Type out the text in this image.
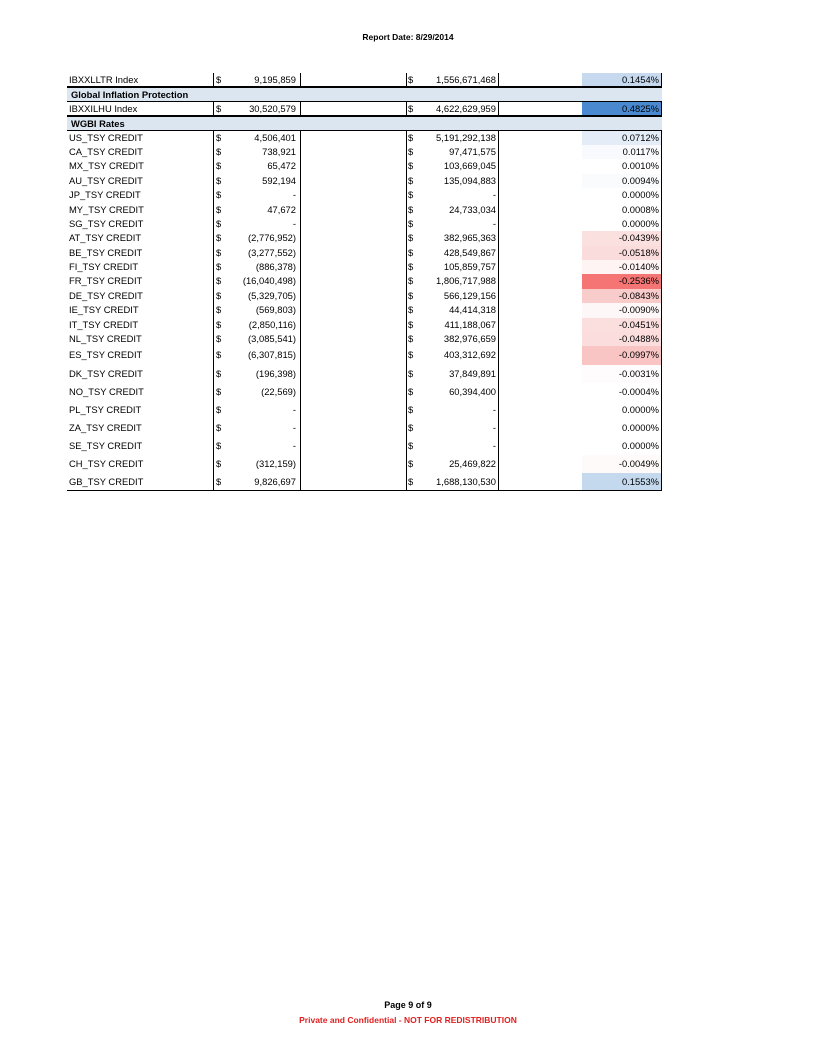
Report Date: 8/29/2014
IBXXLLTR Index	$	9,195,859	$	1,556,671,468	0.1454%
Global Inflation Protection
IBXXILHU Index	$	30,520,579	$	4,622,629,959	0.4825%
WGBI Rates
US_TSY CREDIT	$	4,506,401	$	5,191,292,138	0.0712%
CA_TSY CREDIT	$	738,921	$	97,471,575	0.0117%
MX_TSY CREDIT	$	65,472	$	103,669,045	0.0010%
AU_TSY CREDIT	$	592,194	$	135,094,883	0.0094%
JP_TSY CREDIT	$	-	$	-	0.0000%
MY_TSY CREDIT	$	47,672	$	24,733,034	0.0008%
SG_TSY CREDIT	$	-	$	-	0.0000%
AT_TSY CREDIT	$	(2,776,952)	$	382,965,363	-0.0439%
BE_TSY CREDIT	$	(3,277,552)	$	428,549,867	-0.0518%
FI_TSY CREDIT	$	(886,378)	$	105,859,757	-0.0140%
FR_TSY CREDIT	$	(16,040,498)	$	1,806,717,988	-0.2536%
DE_TSY CREDIT	$	(5,329,705)	$	566,129,156	-0.0843%
IE_TSY CREDIT	$	(569,803)	$	44,414,318	-0.0090%
IT_TSY CREDIT	$	(2,850,116)	$	411,188,067	-0.0451%
NL_TSY CREDIT	$	(3,085,541)	$	382,976,659	-0.0488%
ES_TSY CREDIT	$	(6,307,815)	$	403,312,692	-0.0997%
DK_TSY CREDIT	$	(196,398)	$	37,849,891	-0.0031%
NO_TSY CREDIT	$	(22,569)	$	60,394,400	-0.0004%
PL_TSY CREDIT	$	-	$	-	0.0000%
ZA_TSY CREDIT	$	-	$	-	0.0000%
SE_TSY CREDIT	$	-	$	-	0.0000%
CH_TSY CREDIT	$	(312,159)	$	25,469,822	-0.0049%
GB_TSY CREDIT	$	9,826,697	$	1,688,130,530	0.1553%
Page 9 of 9
Private and Confidential - NOT FOR REDISTRIBUTION
